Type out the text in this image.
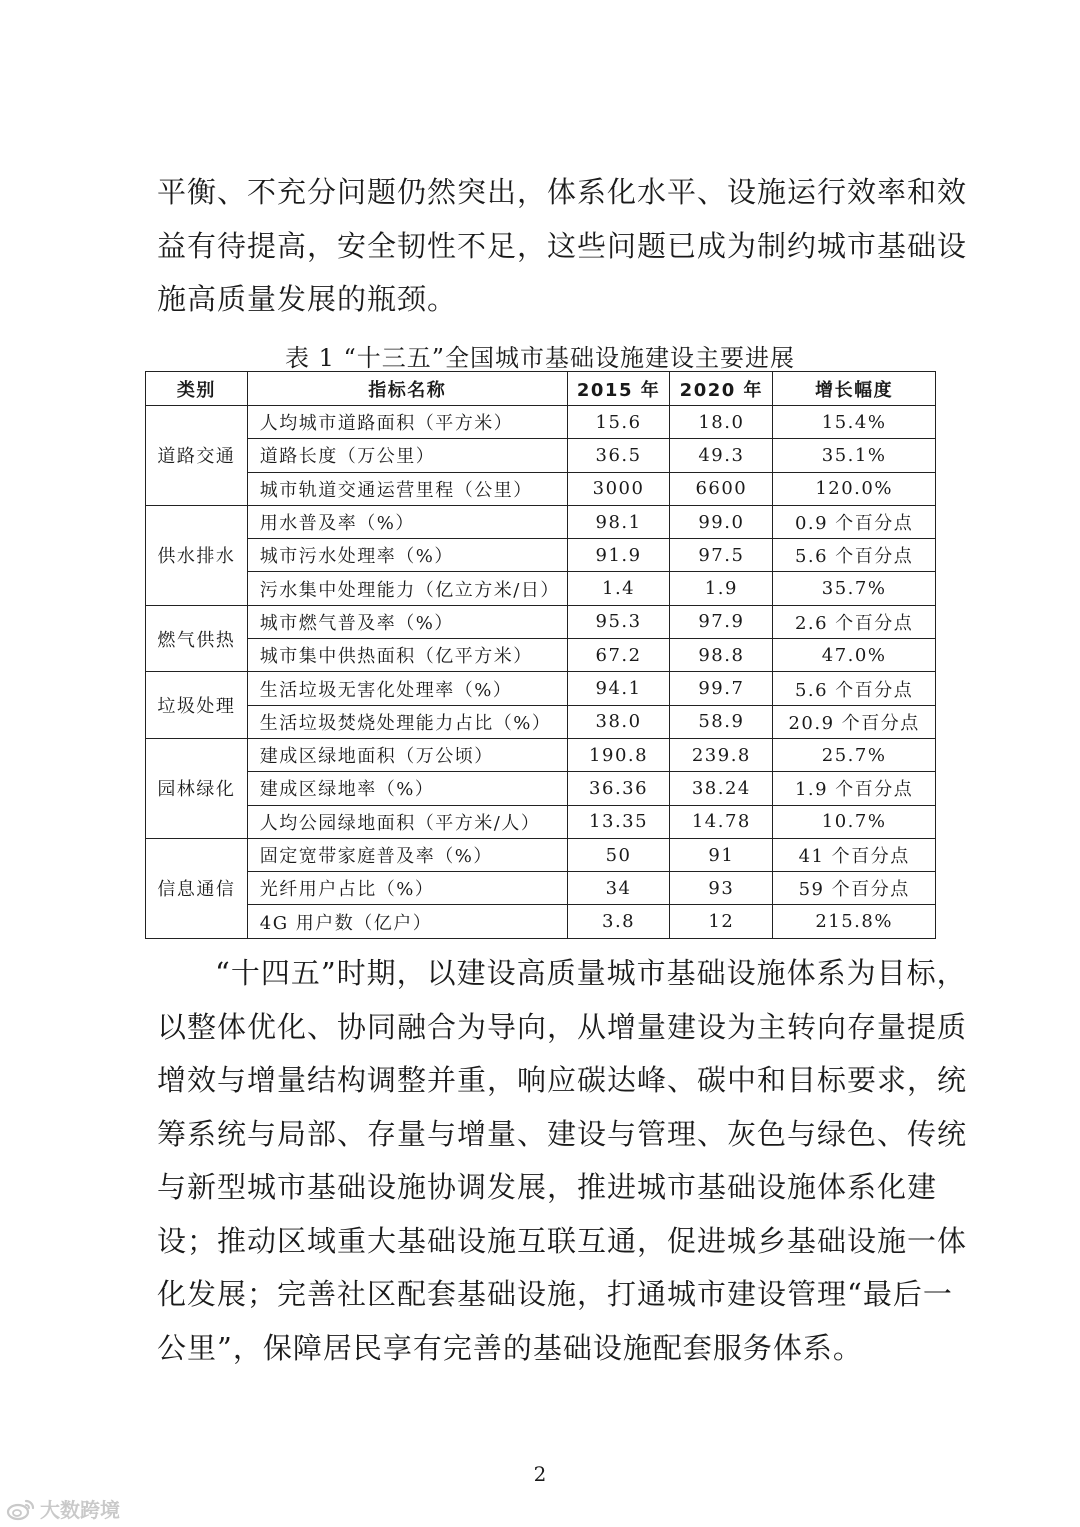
平衡、不充分问题仍然突出，体系化水平、设施运行效率和效
益有待提高，安全韧性不足，这些问题已成为制约城市基础设
施高质量发展的瓶颈。

表 1 “十三五”全国城市基础设施建设主要进展
类别	指标名称	2015 年	2020 年	增长幅度
道路交通	人均城市道路面积（平方米）	15.6	18.0	15.4%
	道路长度（万公里）	36.5	49.3	35.1%
	城市轨道交通运营里程（公里）	3000	6600	120.0%
供水排水	用水普及率（%）	98.1	99.0	0.9 个百分点
	城市污水处理率（%）	91.9	97.5	5.6 个百分点
	污水集中处理能力（亿立方米/日）	1.4	1.9	35.7%
燃气供热	城市燃气普及率（%）	95.3	97.9	2.6 个百分点
	城市集中供热面积（亿平方米）	67.2	98.8	47.0%
垃圾处理	生活垃圾无害化处理率（%）	94.1	99.7	5.6 个百分点
	生活垃圾焚烧处理能力占比（%）	38.0	58.9	20.9 个百分点
园林绿化	建成区绿地面积（万公顷）	190.8	239.8	25.7%
	建成区绿地率（%）	36.36	38.24	1.9 个百分点
	人均公园绿地面积（平方米/人）	13.35	14.78	10.7%
信息通信	固定宽带家庭普及率（%）	50	91	41 个百分点
	光纤用户占比（%）	34	93	59 个百分点
	4G 用户数（亿户）	3.8	12	215.8%

“十四五”时期，以建设高质量城市基础设施体系为目标，
以整体优化、协同融合为导向，从增量建设为主转向存量提质
增效与增量结构调整并重，响应碳达峰、碳中和目标要求，统
筹系统与局部、存量与增量、建设与管理、灰色与绿色、传统
与新型城市基础设施协调发展，推进城市基础设施体系化建
设；推动区域重大基础设施互联互通，促进城乡基础设施一体
化发展；完善社区配套基础设施，打通城市建设管理“最后一
公里”，保障居民享有完善的基础设施配套服务体系。

2
大数跨境
